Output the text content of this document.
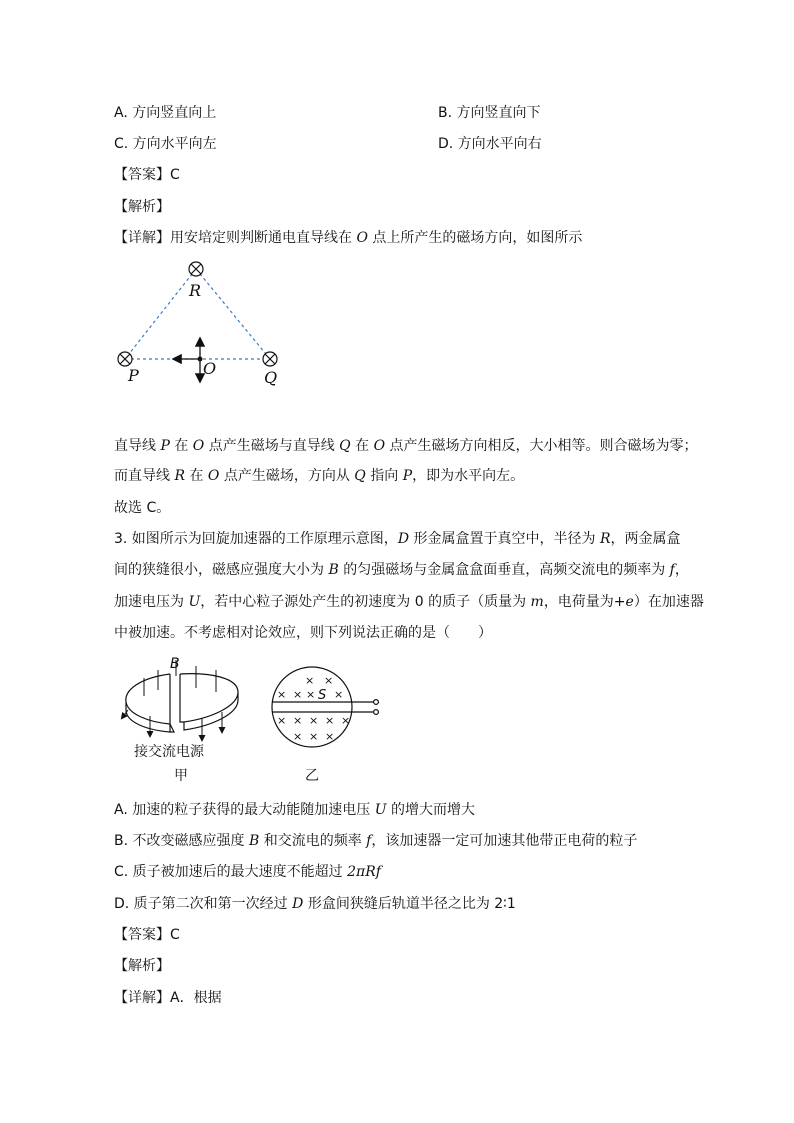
A. 方向竖直向上	B. 方向竖直向下
C. 方向水平向左	D. 方向水平向右
【答案】C
【解析】
【详解】用安培定则判断通电直导线在 O 点上所产生的磁场方向，如图所示
R
P	Q
O
直导线 P 在 O 点产生磁场与直导线 Q 在 O 点产生磁场方向相反，大小相等。则合磁场为零；
而直导线 R 在 O 点产生磁场，方向从 Q 指向 P，即为水平向左。
故选 C。
3. 如图所示为回旋加速器的工作原理示意图，D 形金属盒置于真空中，半径为 R，两金属盒
间的狭缝很小，磁感应强度大小为 B 的匀强磁场与金属盒盒面垂直，高频交流电的频率为 f，
加速电压为 U，若中心粒子源处产生的初速度为 0 的质子（质量为 m，电荷量为+e）在加速器
中被加速。不考虑相对论效应，则下列说法正确的是（　　）
B
接交流电源
甲
× ×
× × × ×
× × × × ×
× × ×
S
乙
A. 加速的粒子获得的最大动能随加速电压 U 的增大而增大
B. 不改变磁感应强度 B 和交流电的频率 f，该加速器一定可加速其他带正电荷的粒子
C. 质子被加速后的最大速度不能超过 2πRf
D. 质子第二次和第一次经过 D 形盒间狭缝后轨道半径之比为 2∶1
【答案】C
【解析】
【详解】A．根据
